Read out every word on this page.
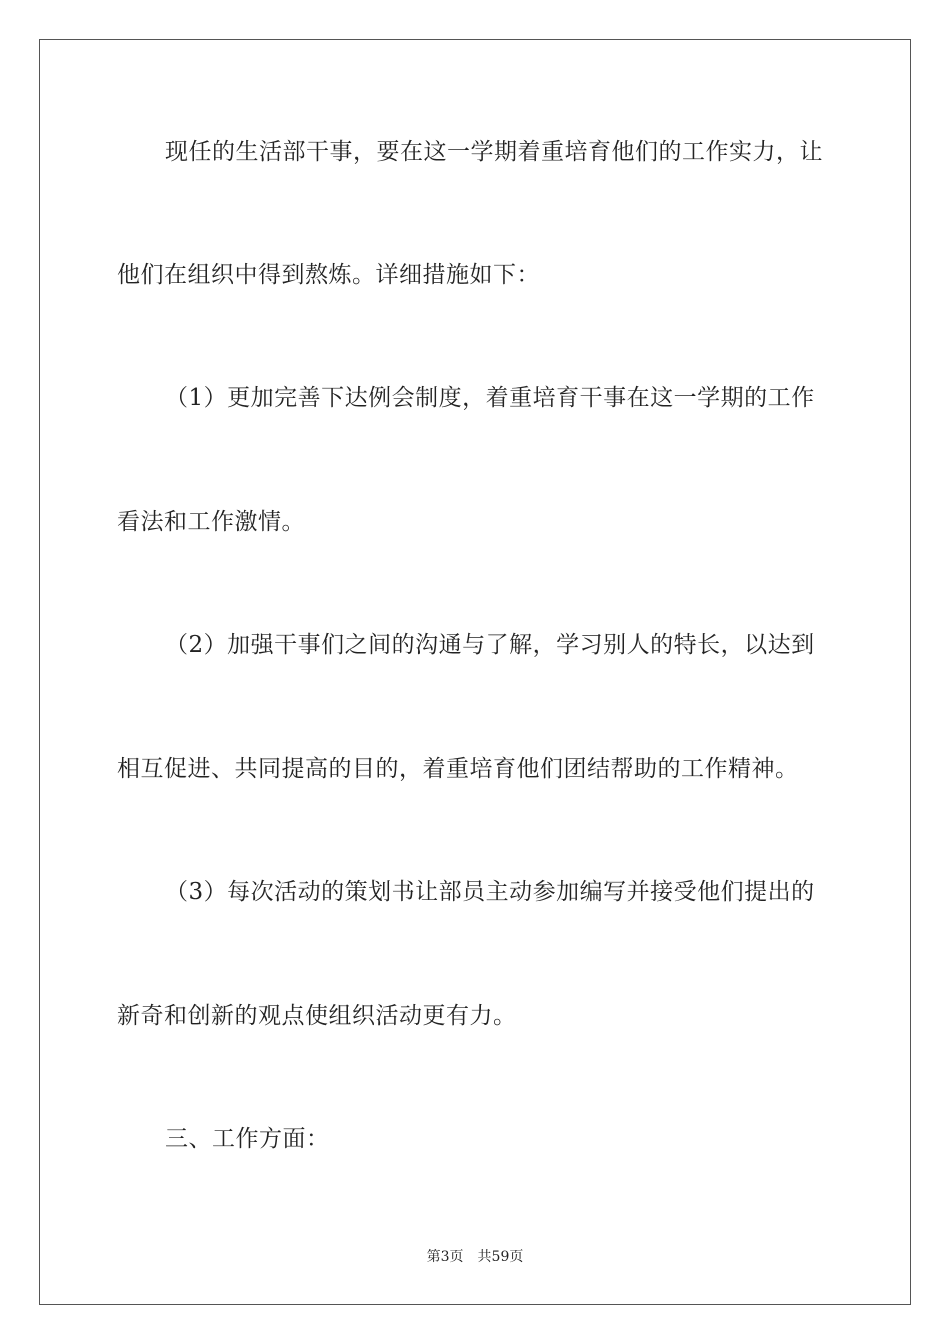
现任的生活部干事，要在这一学期着重培育他们的工作实力，让
他们在组织中得到熬炼。详细措施如下：
（1）更加完善下达例会制度，着重培育干事在这一学期的工作
看法和工作激情。
（2）加强干事们之间的沟通与了解，学习别人的特长，以达到
相互促进、共同提高的目的，着重培育他们团结帮助的工作精神。
（3）每次活动的策划书让部员主动参加编写并接受他们提出的
新奇和创新的观点使组织活动更有力。
三、工作方面：
第3页 共59页
